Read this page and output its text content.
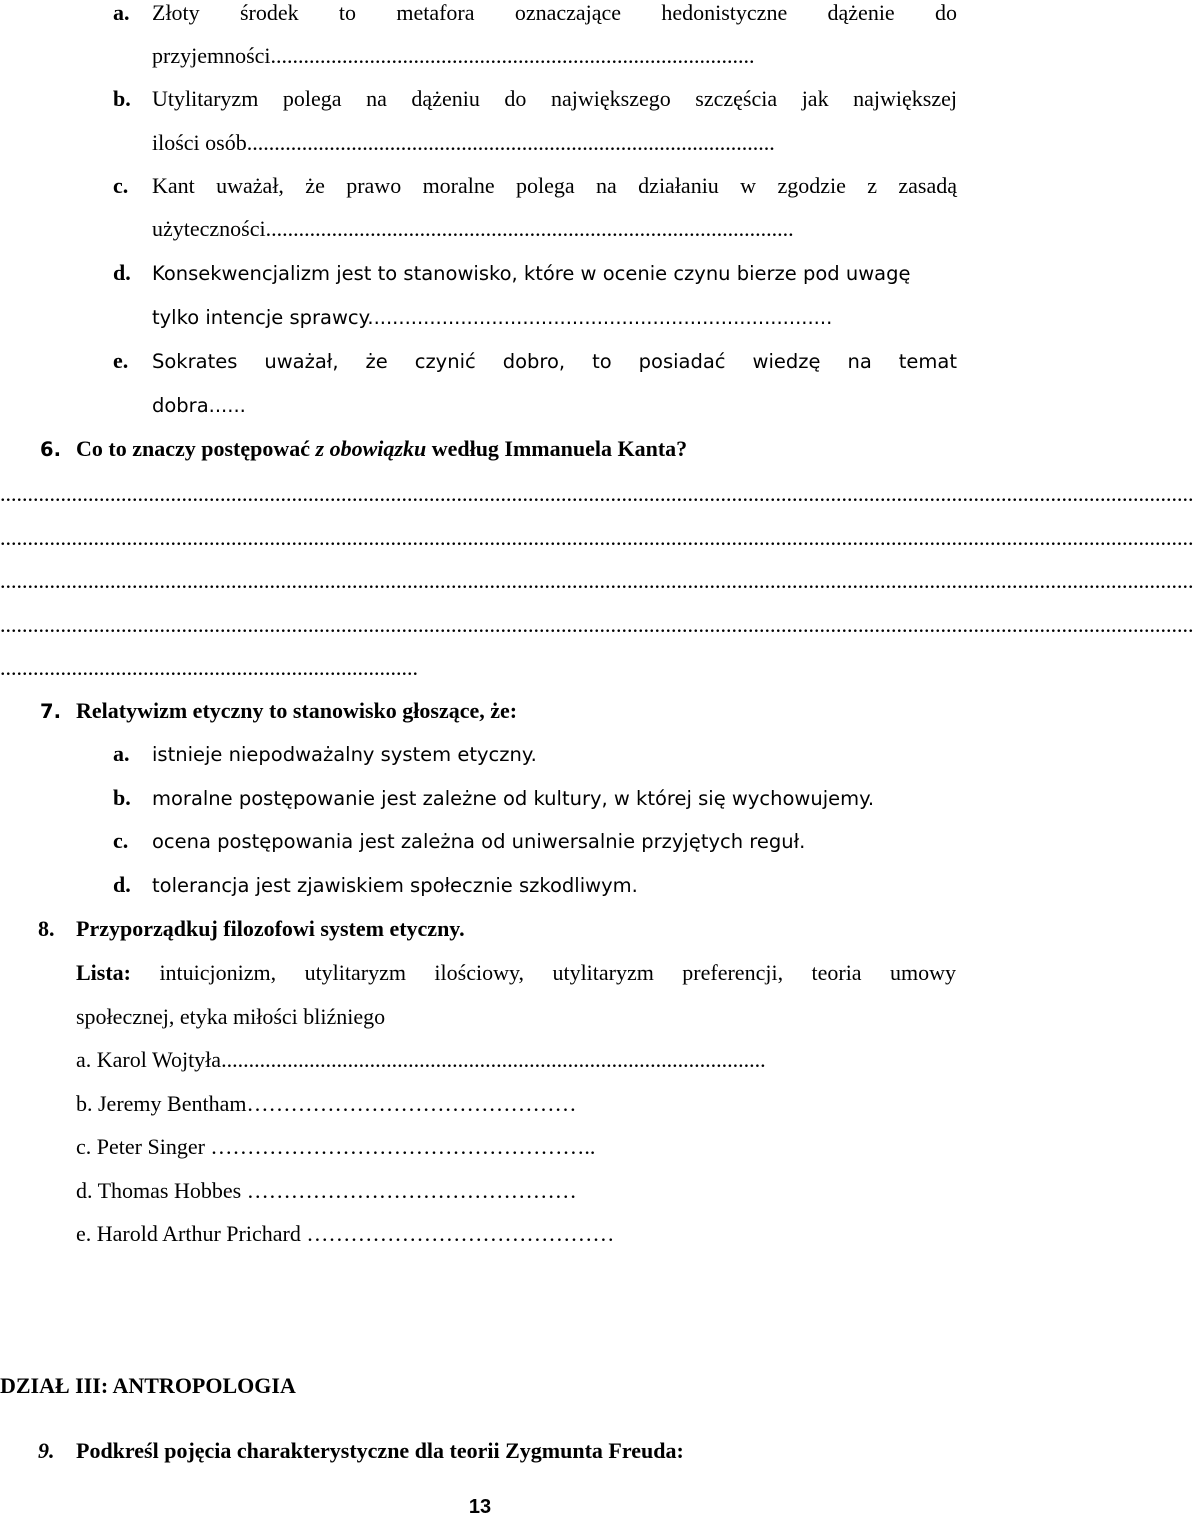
a. Złoty środek to metafora oznaczające hedonistyczne dążenie do
przyjemności........................................................................................
b. Utylitaryzm polega na dążeniu do największego szczęścia jak największej
ilości osób................................................................................................
c. Kant uważał, że prawo moralne polega na działaniu w zgodzie z zasadą
użyteczności................................................................................................
d. Konsekwencjalizm jest to stanowisko, które w ocenie czynu bierze pod uwagę
tylko intencje sprawcy...........................................................................
e. Sokrates uważał, że czynić dobro, to posiadać wiedzę na temat
dobra......
6. Co to znaczy postępować z obowiązku według Immanuela Kanta?
.........................................................................................................................................................................................................................
.........................................................................................................................................................................................................................
.........................................................................................................................................................................................................................
.........................................................................................................................................................................................................................
............................................................................
7. Relatywizm etyczny to stanowisko głoszące, że:
a. istnieje niepodważalny system etyczny.
b. moralne postępowanie jest zależne od kultury, w której się wychowujemy.
c. ocena postępowania jest zależna od uniwersalnie przyjętych reguł.
d. tolerancja jest zjawiskiem społecznie szkodliwym.
8. Przyporządkuj filozofowi system etyczny.
Lista: intuicjonizm, utylitaryzm ilościowy, utylitaryzm preferencji, teoria umowy
społecznej, etyka miłości bliźniego
a. Karol Wojtyła...................................................................................................
b. Jeremy Bentham………………………………………
c. Peter Singer ……………………………………………..
d. Thomas Hobbes ………………………………………
e. Harold Arthur Prichard ……………………………………
DZIAŁ III: ANTROPOLOGIA
9. Podkreśl pojęcia charakterystyczne dla teorii Zygmunta Freuda:
13
